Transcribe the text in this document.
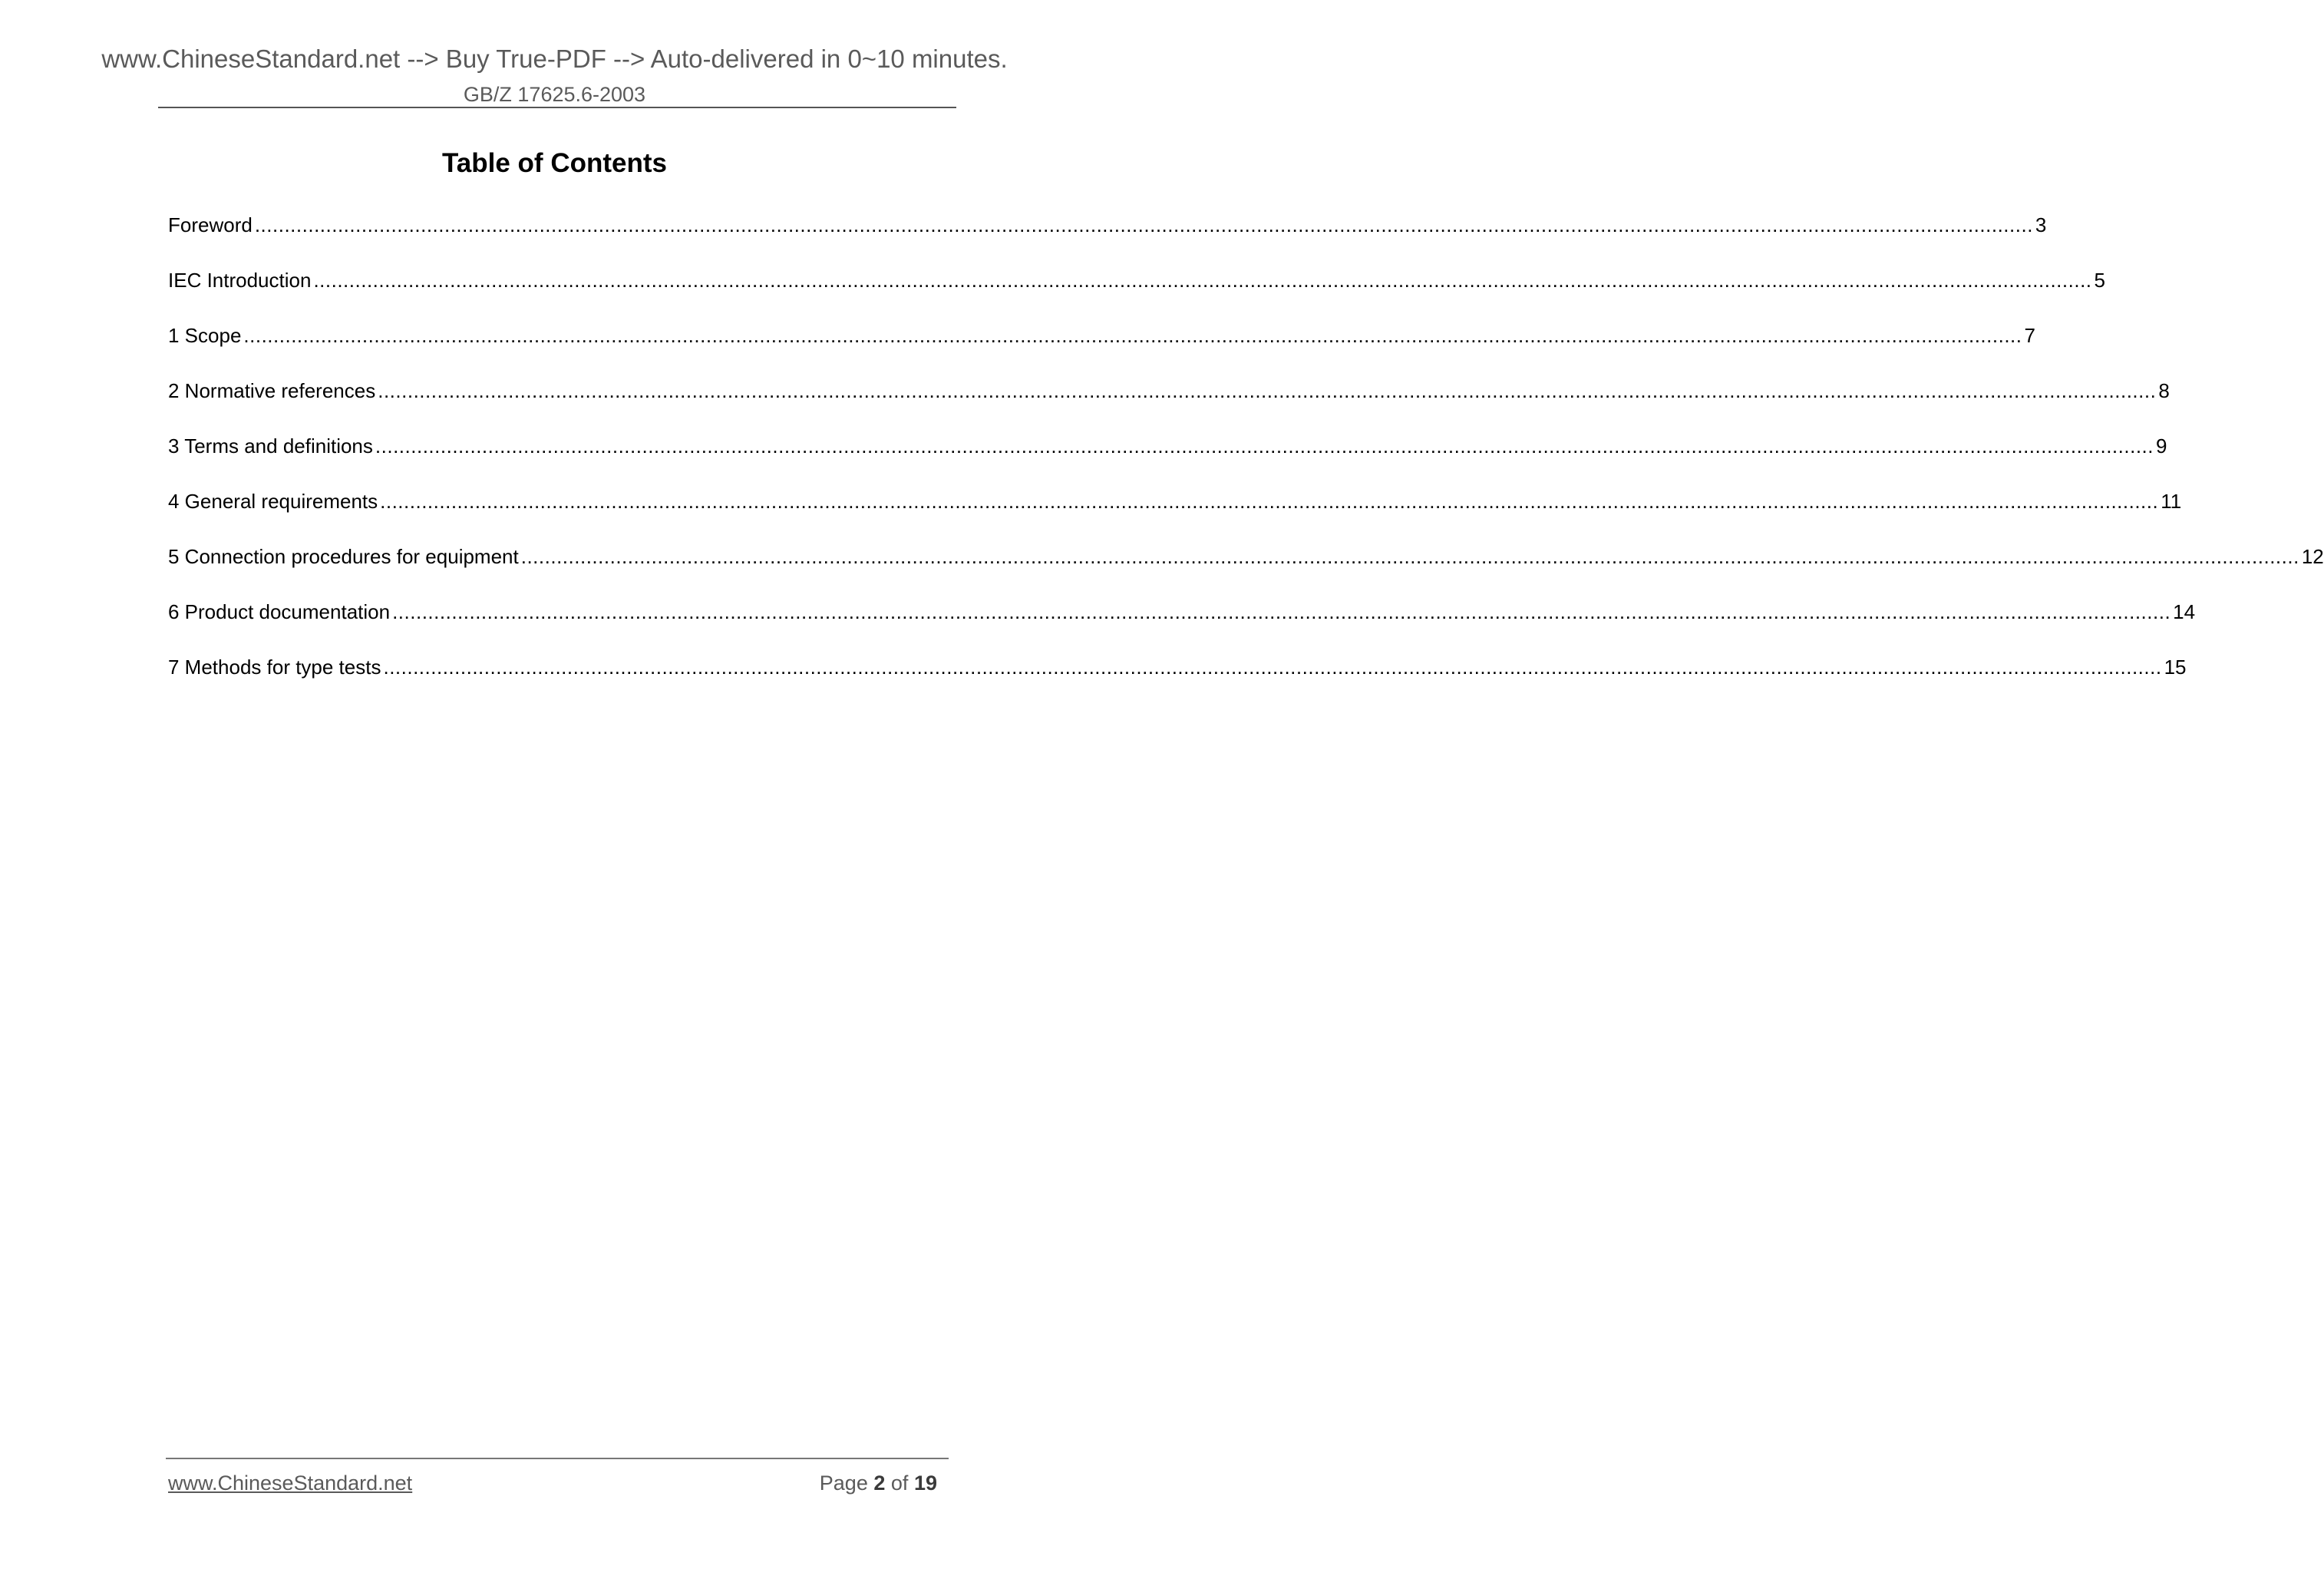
www.ChineseStandard.net --> Buy True-PDF --> Auto-delivered in 0~10 minutes.
GB/Z 17625.6-2003
Table of Contents
Foreword ............................................................................................................................................................................................................................................................................................................ 3
IEC Introduction ............................................................................................................................................................................................................................................................................................................ 5
1 Scope ............................................................................................................................................................................................................................................................................................................ 7
2 Normative references ............................................................................................................................................................................................................................................................................................................ 8
3 Terms and definitions ............................................................................................................................................................................................................................................................................................................ 9
4 General requirements ............................................................................................................................................................................................................................................................................................................ 11
5 Connection procedures for equipment ............................................................................................................................................................................................................................................................................................................ 12
6 Product documentation ............................................................................................................................................................................................................................................................................................................ 14
7 Methods for type tests ............................................................................................................................................................................................................................................................................................................ 15
www.ChineseStandard.net	Page 2 of 19
